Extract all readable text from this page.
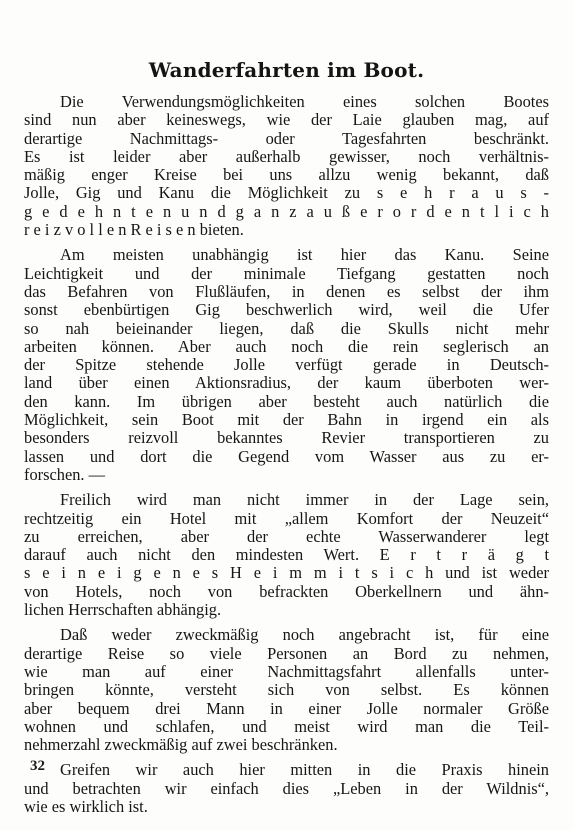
Wanderfahrten im Boot.
Die Verwendungsmöglichkeiten eines solchen Bootes
sind nun aber keineswegs, wie der Laie glauben mag, auf
derartige Nachmittags- oder Tagesfahrten beschränkt.
Es ist leider aber außerhalb gewisser, noch verhältnis-
mäßig enger Kreise bei uns allzu wenig bekannt, daß
Jolle, Gig und Kanu die Möglichkeit zu s e h r a u s -
g e d e h n t e n u n d g a n z a u ß e r o r d e n t l i c h
r e i z v o l l e n R e i s e n bieten.
Am meisten unabhängig ist hier das Kanu. Seine
Leichtigkeit und der minimale Tiefgang gestatten noch
das Befahren von Flußläufen, in denen es selbst der ihm
sonst ebenbürtigen Gig beschwerlich wird, weil die Ufer
so nah beieinander liegen, daß die Skulls nicht mehr
arbeiten können. Aber auch noch die rein seglerisch an
der Spitze stehende Jolle verfügt gerade in Deutsch-
land über einen Aktionsradius, der kaum überboten wer-
den kann. Im übrigen aber besteht auch natürlich die
Möglichkeit, sein Boot mit der Bahn in irgend ein als
besonders reizvoll bekanntes Revier transportieren zu
lassen und dort die Gegend vom Wasser aus zu er-
forschen. —
Freilich wird man nicht immer in der Lage sein,
rechtzeitig ein Hotel mit „allem Komfort der Neuzeit“
zu erreichen, aber der echte Wasserwanderer legt
darauf auch nicht den mindesten Wert. E r t r ä g t
s e i n e i g e n e s H e i m m i t s i c h und ist weder
von Hotels, noch von befrackten Oberkellnern und ähn-
lichen Herrschaften abhängig.
Daß weder zweckmäßig noch angebracht ist, für eine
derartige Reise so viele Personen an Bord zu nehmen,
wie man auf einer Nachmittagsfahrt allenfalls unter-
bringen könnte, versteht sich von selbst. Es können
aber bequem drei Mann in einer Jolle normaler Größe
wohnen und schlafen, und meist wird man die Teil-
nehmerzahl zweckmäßig auf zwei beschränken.
Greifen wir auch hier mitten in die Praxis hinein
und betrachten wir einfach dies „Leben in der Wildnis“,
wie es wirklich ist.
32
